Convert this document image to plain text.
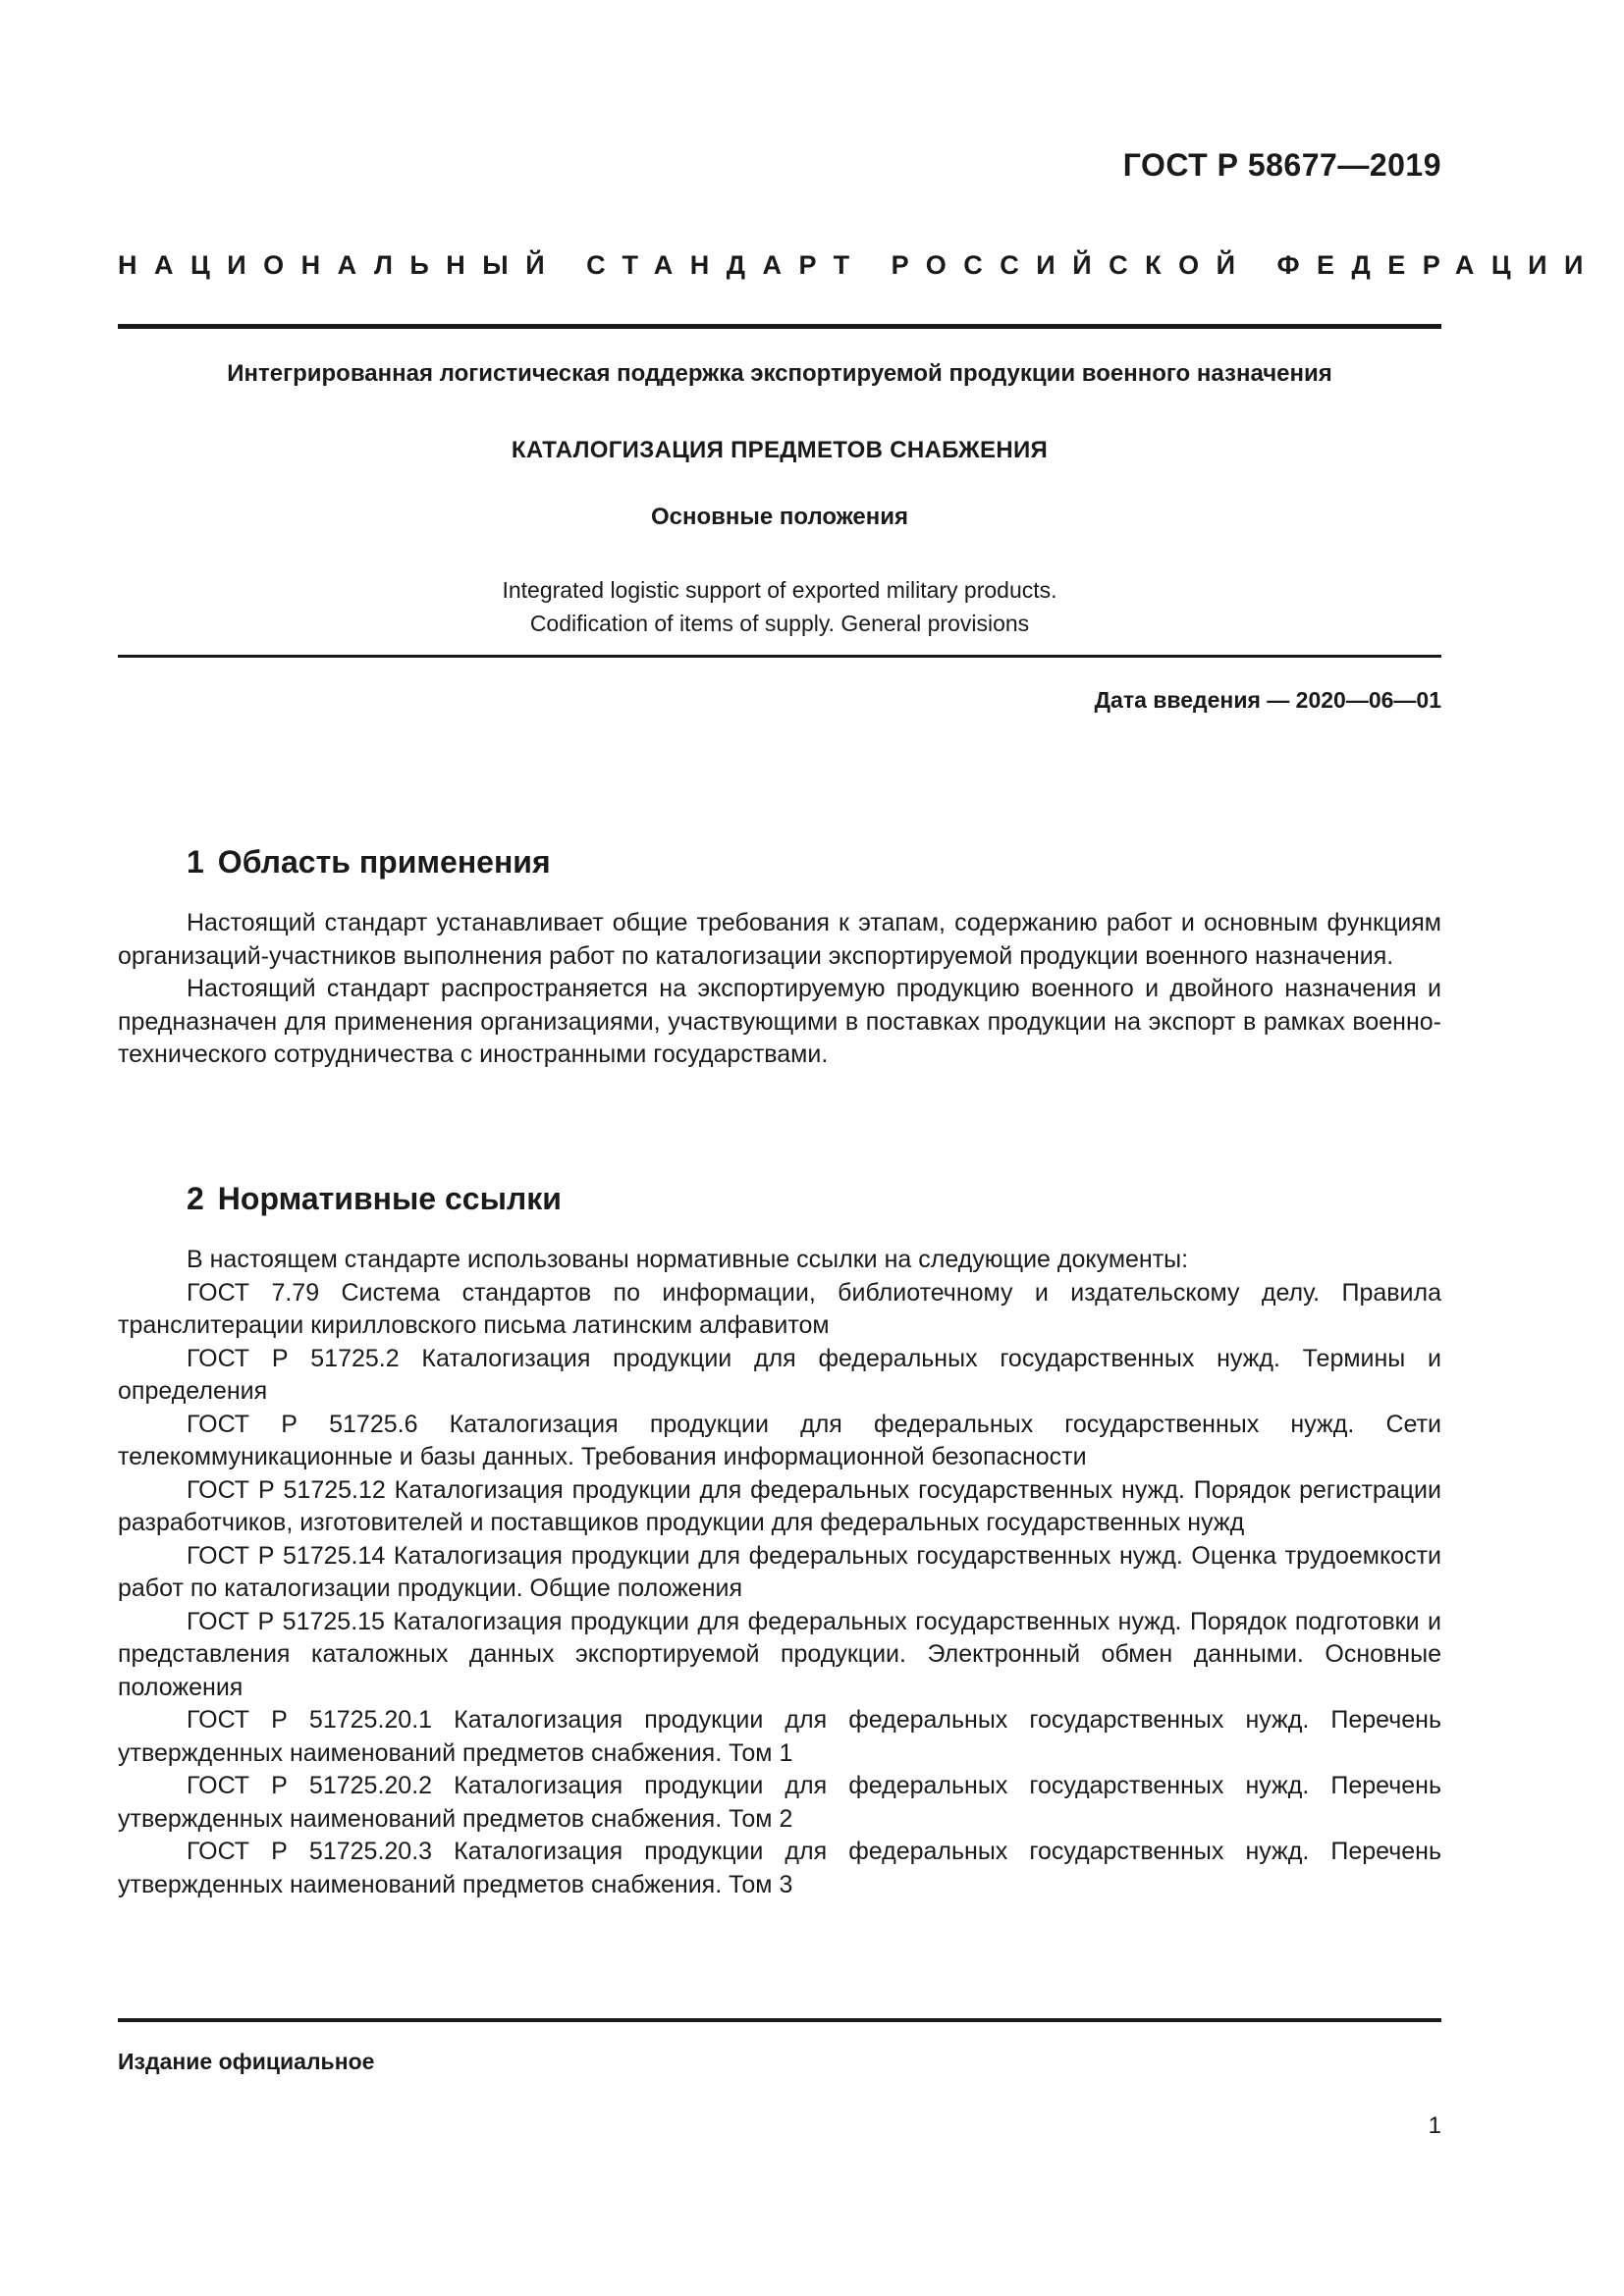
ГОСТ Р 58677—2019
НАЦИОНАЛЬНЫЙ СТАНДАРТ РОССИЙСКОЙ ФЕДЕРАЦИИ
Интегрированная логистическая поддержка экспортируемой продукции военного назначения
КАТАЛОГИЗАЦИЯ ПРЕДМЕТОВ СНАБЖЕНИЯ
Основные положения
Integrated logistic support of exported military products.
Codification of items of supply. General provisions
Дата введения — 2020—06—01
1 Область применения

Настоящий стандарт устанавливает общие требования к этапам, содержанию работ и основным функциям организаций-участников выполнения работ по каталогизации экспортируемой продукции военного назначения.

Настоящий стандарт распространяется на экспортируемую продукцию военного и двойного назначения и предназначен для применения организациями, участвующими в поставках продукции на экспорт в рамках военно-технического сотрудничества с иностранными государствами.

2 Нормативные ссылки

В настоящем стандарте использованы нормативные ссылки на следующие документы:

ГОСТ 7.79 Система стандартов по информации, библиотечному и издательскому делу. Правила транслитерации кирилловского письма латинским алфавитом

ГОСТ Р 51725.2 Каталогизация продукции для федеральных государственных нужд. Термины и определения

ГОСТ Р 51725.6 Каталогизация продукции для федеральных государственных нужд. Сети телекоммуникационные и базы данных. Требования информационной безопасности

ГОСТ Р 51725.12 Каталогизация продукции для федеральных государственных нужд. Порядок регистрации разработчиков, изготовителей и поставщиков продукции для федеральных государственных нужд

ГОСТ Р 51725.14 Каталогизация продукции для федеральных государственных нужд. Оценка трудоемкости работ по каталогизации продукции. Общие положения

ГОСТ Р 51725.15 Каталогизация продукции для федеральных государственных нужд. Порядок подготовки и представления каталожных данных экспортируемой продукции. Электронный обмен данными. Основные положения

ГОСТ Р 51725.20.1 Каталогизация продукции для федеральных государственных нужд. Перечень утвержденных наименований предметов снабжения. Том 1

ГОСТ Р 51725.20.2 Каталогизация продукции для федеральных государственных нужд. Перечень утвержденных наименований предметов снабжения. Том 2

ГОСТ Р 51725.20.3 Каталогизация продукции для федеральных государственных нужд. Перечень утвержденных наименований предметов снабжения. Том 3

Издание официальное
1
